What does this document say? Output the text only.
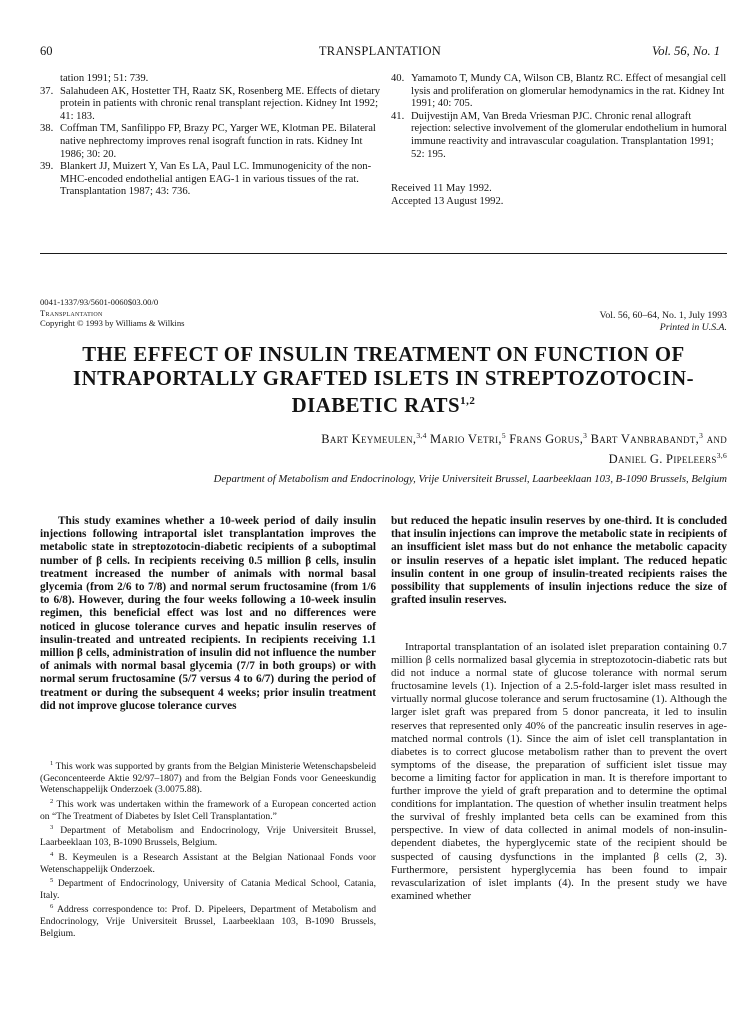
60	TRANSPLANTATION	Vol. 56, No. 1
tation 1991; 51: 739.
37. Salahudeen AK, Hostetter TH, Raatz SK, Rosenberg ME. Effects of dietary protein in patients with chronic renal transplant rejection. Kidney Int 1992; 41: 183.
38. Coffman TM, Sanfilippo FP, Brazy PC, Yarger WE, Klotman PE. Bilateral native nephrectomy improves renal isograft function in rats. Kidney Int 1986; 30: 20.
39. Blankert JJ, Muizert Y, Van Es LA, Paul LC. Immunogenicity of the non-MHC-encoded endothelial antigen EAG-1 in various tissues of the rat. Transplantation 1987; 43: 736.
40. Yamamoto T, Mundy CA, Wilson CB, Blantz RC. Effect of mesangial cell lysis and proliferation on glomerular hemodynamics in the rat. Kidney Int 1991; 40: 705.
41. Duijvestijn AM, Van Breda Vriesman PJC. Chronic renal allograft rejection: selective involvement of the glomerular endothelium in humoral immune reactivity and intravascular coagulation. Transplantation 1991; 52: 195.
Received 11 May 1992.
Accepted 13 August 1992.
0041-1337/93/5601-0060$03.00/0
Transplantation
Copyright © 1993 by Williams & Wilkins
Vol. 56, 60–64, No. 1, July 1993
Printed in U.S.A.
THE EFFECT OF INSULIN TREATMENT ON FUNCTION OF
INTRAPORTALLY GRAFTED ISLETS IN STREPTOZOTOCIN-
DIABETIC RATS$^{1,2}$
Bart Keymeulen,$^{3,4}$ Mario Vetri,$^5$ Frans Gorus,$^3$ Bart Vanbrabandt,$^3$ and
Daniel G. Pipeleers$^{3,6}$
Department of Metabolism and Endocrinology, Vrije Universiteit Brussel, Laarbeeklaan 103, B-1090 Brussels, Belgium
This study examines whether a 10-week period of daily insulin injections following intraportal islet transplantation improves the metabolic state in streptozotocin-diabetic recipients of a suboptimal number of β cells. In recipients receiving 0.5 million β cells, insulin treatment increased the number of animals with normal basal glycemia (from 2/6 to 7/8) and normal serum fructosamine (from 1/6 to 6/8). However, during the four weeks following a 10-week insulin regimen, this beneficial effect was lost and no differences were noticed in glucose tolerance curves and hepatic insulin reserves of insulin-treated and untreated recipients. In recipients receiving 1.1 million β cells, administration of insulin did not influence the number of animals with normal basal glycemia (7/7 in both groups) or with normal serum fructosamine (5/7 versus 4 to 6/7) during the period of treatment or during the subsequent 4 weeks; prior insulin treatment did not improve glucose tolerance curves
but reduced the hepatic insulin reserves by one-third. It is concluded that insulin injections can improve the metabolic state in recipients of an insufficient islet mass but do not enhance the metabolic capacity or insulin reserves of a hepatic islet implant. The reduced hepatic insulin content in one group of insulin-treated recipients raises the possibility that supplements of insulin injections reduce the size of grafted insulin reserves.

$^1$ This work was supported by grants from the Belgian Ministerie Wetenschapsbeleid (Geconcenteerde Aktie 92/97–1807) and from the Belgian Fonds voor Geneeskundig Wetenschappelijk Onderzoek (3.0075.88).

$^2$ This work was undertaken within the framework of a European concerted action on “The Treatment of Diabetes by Islet Cell Transplantation.”

$^3$ Department of Metabolism and Endocrinology, Vrije Universiteit Brussel, Laarbeeklaan 103, B-1090 Brussels, Belgium.

$^4$ B. Keymeulen is a Research Assistant at the Belgian Nationaal Fonds voor Wetenschappelijk Onderzoek.

$^5$ Department of Endocrinology, University of Catania Medical School, Catania, Italy.

$^6$ Address correspondence to: Prof. D. Pipeleers, Department of Metabolism and Endocrinology, Vrije Universiteit Brussel, Laarbeeklaan 103, B-1090 Brussels, Belgium.

Intraportal transplantation of an isolated islet preparation containing 0.7 million β cells normalized basal glycemia in streptozotocin-diabetic rats but did not induce a normal state of glucose tolerance with normal serum fructosamine levels (1). Injection of a 2.5-fold-larger islet mass resulted in virtually normal glucose tolerance and serum fructosamine (1). Although the larger islet graft was prepared from 5 donor pancreata, it led to insulin reserves that represented only 40% of the pancreatic insulin reserves in age-matched normal controls (1). Since the aim of islet cell transplantation in diabetes is to correct glucose metabolism rather than to prevent the overt symptoms of the disease, the preparation of sufficient islet tissue may become a limiting factor for application in man. It is therefore important to further improve the yield of graft preparation and to determine the optimal conditions for implantation. The question of whether insulin treatment helps the survival of freshly implanted beta cells can be examined from this perspective. In view of data collected in animal models of non-insulin-dependent diabetes, the hyperglycemic state of the recipient should be suspected of causing dysfunctions in the implanted β cells (2, 3). Furthermore, persistent hyperglycemia has been found to impair revascularization of islet implants (4). In the present study we have examined whether
